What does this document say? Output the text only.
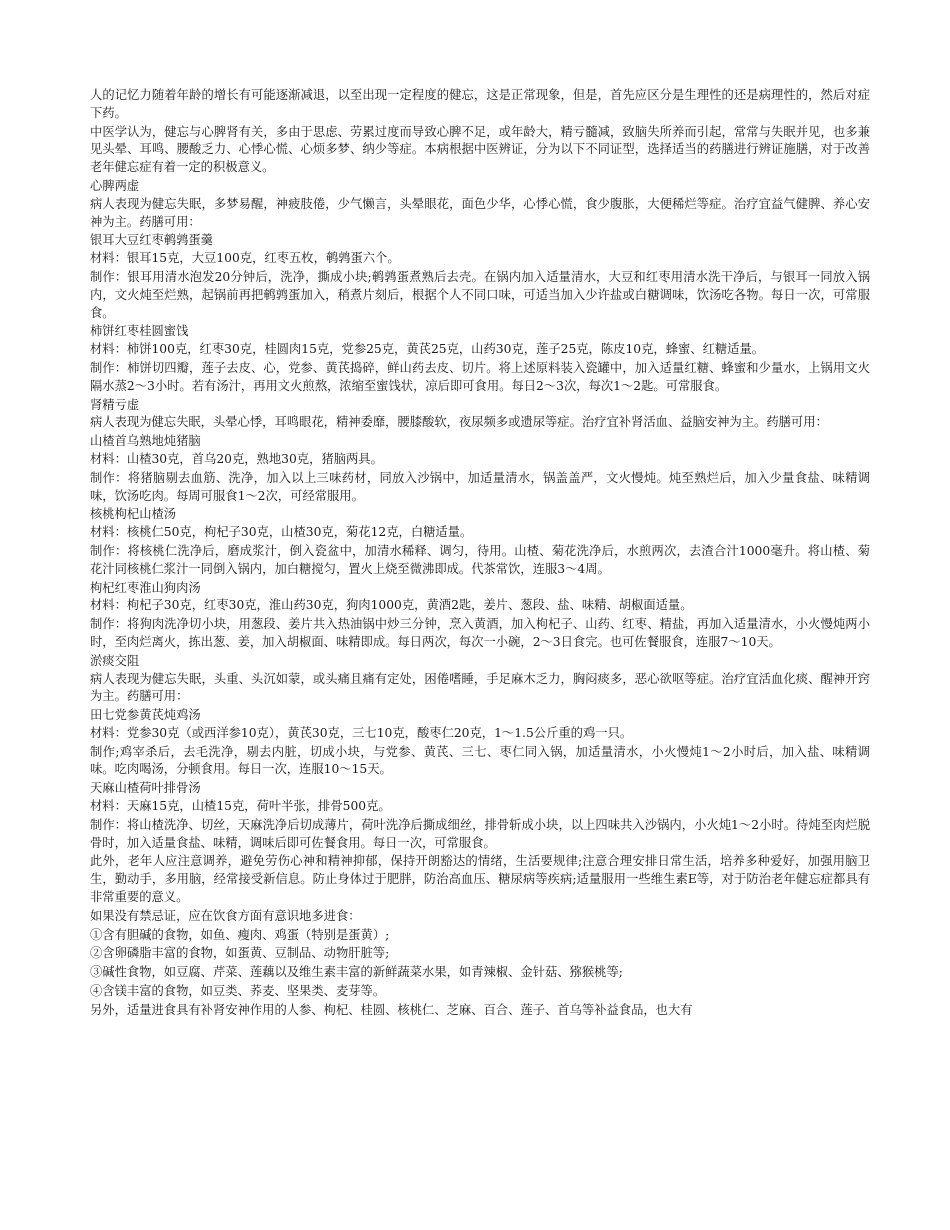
人的记忆力随着年龄的增长有可能逐渐减退，以至出现一定程度的健忘，这是正常现象，但是，首先应区分是生理性的还是病理性的，然后对症下药。

中医学认为，健忘与心脾肾有关，多由于思虑、劳累过度而导致心脾不足，或年龄大，精亏髓减，致脑失所养而引起，常常与失眠并见，也多兼见头晕、耳鸣、腰酸乏力、心悸心慌、心烦多梦、纳少等症。本病根据中医辨证，分为以下不同证型，选择适当的药膳进行辨证施膳，对于改善老年健忘症有着一定的积极意义。

心脾两虚

病人表现为健忘失眠，多梦易醒，神疲肢倦，少气懒言，头晕眼花，面色少华，心悸心慌，食少腹胀，大便稀烂等症。治疗宜益气健脾、养心安神为主。药膳可用：

银耳大豆红枣鹌鹑蛋羹

材料：银耳15克，大豆100克，红枣五枚，鹌鹑蛋六个。

制作：银耳用清水泡发20分钟后，洗净，撕成小块;鹌鹑蛋煮熟后去壳。在锅内加入适量清水，大豆和红枣用清水洗干净后，与银耳一同放入锅内，文火炖至烂熟，起锅前再把鹌鹑蛋加入，稍煮片刻后，根据个人不同口味，可适当加入少许盐或白糖调味，饮汤吃各物。每日一次，可常服食。

柿饼红枣桂圆蜜饯

材料：柿饼100克，红枣30克，桂圆肉15克，党参25克，黄芪25克，山药30克，莲子25克，陈皮10克，蜂蜜、红糖适量。

制作：柿饼切四瓣，莲子去皮、心，党参、黄芪捣碎，鲜山药去皮、切片。将上述原料装入瓷罐中，加入适量红糖、蜂蜜和少量水，上锅用文火隔水蒸2～3小时。若有汤汁，再用文火煎熬，浓缩至蜜饯状，凉后即可食用。每日2～3次，每次1～2匙。可常服食。

肾精亏虚

病人表现为健忘失眠，头晕心悸，耳鸣眼花，精神委靡，腰膝酸软，夜尿频多或遗尿等症。治疗宜补肾活血、益脑安神为主。药膳可用：

山楂首乌熟地炖猪脑

材料：山楂30克，首乌20克，熟地30克，猪脑两具。

制作：将猪脑剔去血筋、洗净，加入以上三味药材，同放入沙锅中，加适量清水，锅盖盖严，文火慢炖。炖至熟烂后，加入少量食盐、味精调味，饮汤吃肉。每周可服食1～2次，可经常服用。

核桃枸杞山楂汤

材料：核桃仁50克，枸杞子30克，山楂30克，菊花12克，白糖适量。

制作：将核桃仁洗净后，磨成浆汁，倒入瓷盆中，加清水稀释、调匀，待用。山楂、菊花洗净后，水煎两次，去渣合汁1000毫升。将山楂、菊花汁同核桃仁浆汁一同倒入锅内，加白糖搅匀，置火上烧至微沸即成。代茶常饮，连服3～4周。

枸杞红枣淮山狗肉汤

材料：枸杞子30克，红枣30克，淮山药30克，狗肉1000克，黄酒2匙，姜片、葱段、盐、味精、胡椒面适量。

制作：将狗肉洗净切小块，用葱段、姜片共入热油锅中炒三分钟，烹入黄酒，加入枸杞子、山药、红枣、精盐，再加入适量清水，小火慢炖两小时，至肉烂离火，拣出葱、姜，加入胡椒面、味精即成。每日两次，每次一小碗，2～3日食完。也可佐餐服食，连服7～10天。

淤痰交阻

病人表现为健忘失眠，头重、头沉如蒙，或头痛且痛有定处，困倦嗜睡，手足麻木乏力，胸闷痰多，恶心欲呕等症。治疗宜活血化痰、醒神开窍为主。药膳可用：

田七党参黄芪炖鸡汤

材料：党参30克（或西洋参10克），黄芪30克，三七10克，酸枣仁20克，1～1.5公斤重的鸡一只。

制作;鸡宰杀后，去毛洗净，剔去内脏，切成小块，与党参、黄芪、三七、枣仁同入锅，加适量清水，小火慢炖1～2小时后，加入盐、味精调味。吃肉喝汤，分顿食用。每日一次，连服10～15天。

天麻山楂荷叶排骨汤

材料：天麻15克，山楂15克，荷叶半张，排骨500克。

制作：将山楂洗净、切丝，天麻洗净后切成薄片，荷叶洗净后撕成细丝，排骨斩成小块，以上四味共入沙锅内，小火炖1～2小时。待炖至肉烂脱骨时，加入适量食盐、味精，调味后即可佐餐食用。每日一次，可常服食。

此外，老年人应注意调养，避免劳伤心神和精神抑郁，保持开朗豁达的情绪，生活要规律;注意合理安排日常生活，培养多种爱好，加强用脑卫生，勤动手，多用脑，经常接受新信息。防止身体过于肥胖，防治高血压、糖尿病等疾病;适量服用一些维生素E等，对于防治老年健忘症都具有非常重要的意义。

如果没有禁忌证，应在饮食方面有意识地多进食：

①含有胆碱的食物，如鱼、瘦肉、鸡蛋（特别是蛋黄）;

②含卵磷脂丰富的食物，如蛋黄、豆制品、动物肝脏等;

③碱性食物，如豆腐、芹菜、莲藕以及维生素丰富的新鲜蔬菜水果，如青辣椒、金针菇、猕猴桃等;

④含镁丰富的食物，如豆类、荞麦、坚果类、麦芽等。

另外，适量进食具有补肾安神作用的人参、枸杞、桂圆、核桃仁、芝麻、百合、莲子、首乌等补益食品，也大有
